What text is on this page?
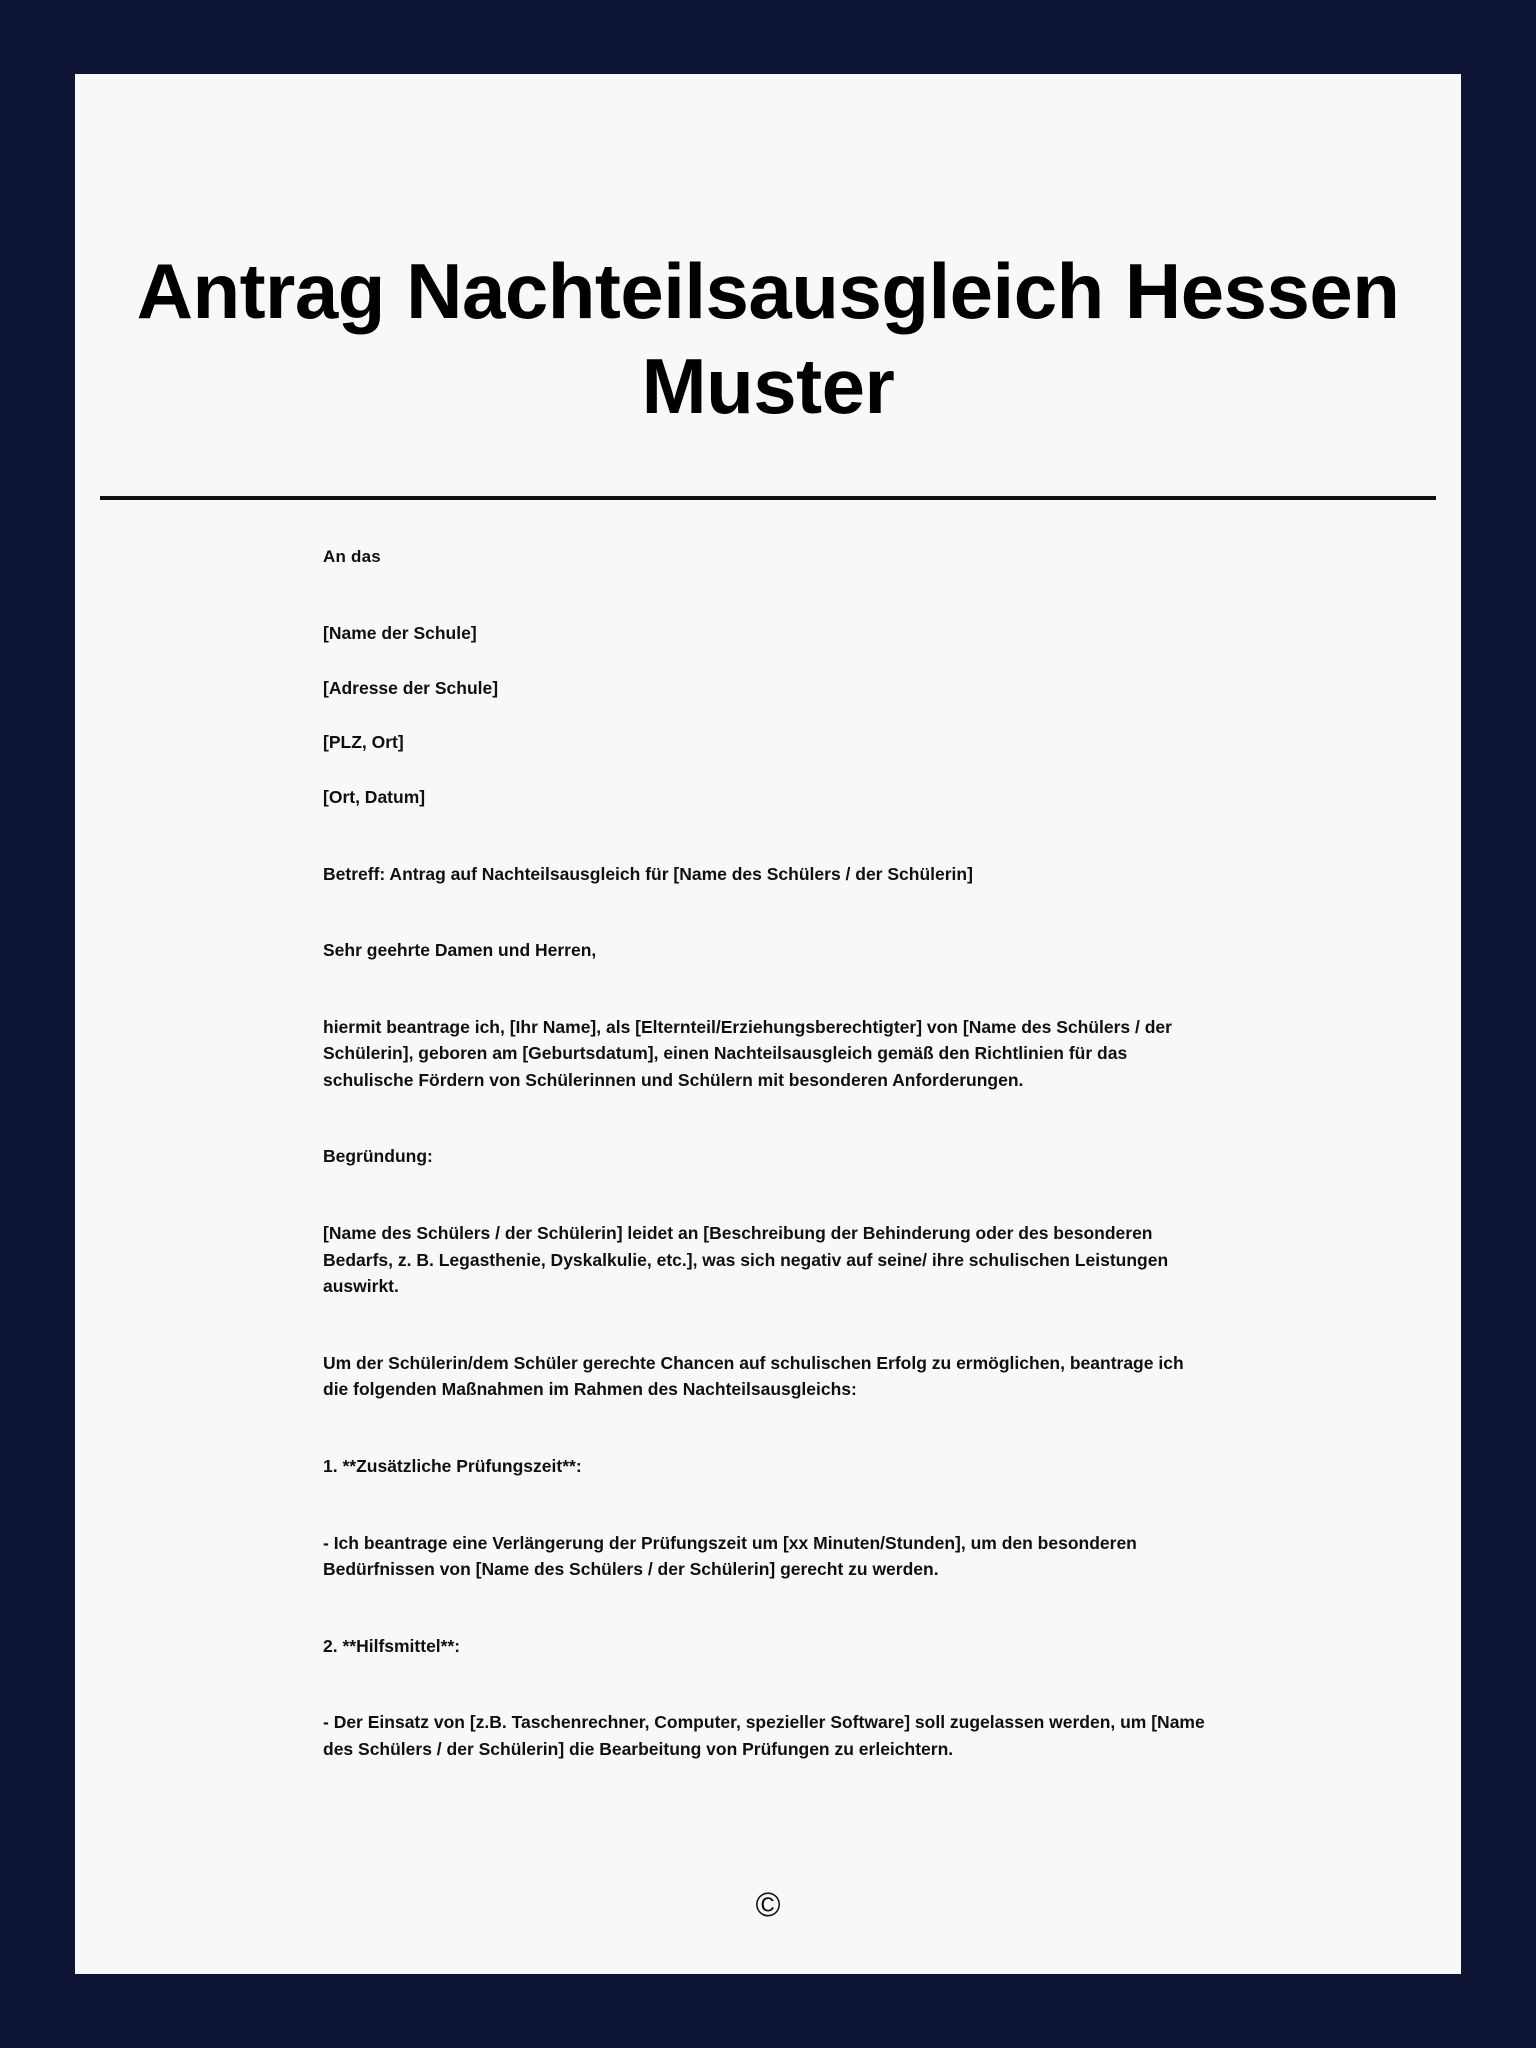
Antrag Nachteilsausgleich Hessen Muster

An das

[Name der Schule]

[Adresse der Schule]

[PLZ, Ort]

[Ort, Datum]

Betreff: Antrag auf Nachteilsausgleich für [Name des Schülers / der Schülerin]

Sehr geehrte Damen und Herren,

hiermit beantrage ich, [Ihr Name], als [Elternteil/Erziehungsberechtigter] von [Name des Schülers / der Schülerin], geboren am [Geburtsdatum], einen Nachteilsausgleich gemäß den Richtlinien für das schulische Fördern von Schülerinnen und Schülern mit besonderen Anforderungen.

Begründung:

[Name des Schülers / der Schülerin] leidet an [Beschreibung der Behinderung oder des besonderen Bedarfs, z. B. Legasthenie, Dyskalkulie, etc.], was sich negativ auf seine/ ihre schulischen Leistungen auswirkt.

Um der Schülerin/dem Schüler gerechte Chancen auf schulischen Erfolg zu ermöglichen, beantrage ich die folgenden Maßnahmen im Rahmen des Nachteilsausgleichs:

1. **Zusätzliche Prüfungszeit**:

- Ich beantrage eine Verlängerung der Prüfungszeit um [xx Minuten/Stunden], um den besonderen Bedürfnissen von [Name des Schülers / der Schülerin] gerecht zu werden.

2. **Hilfsmittel**:

- Der Einsatz von [z.B. Taschenrechner, Computer, spezieller Software] soll zugelassen werden, um [Name des Schülers / der Schülerin] die Bearbeitung von Prüfungen zu erleichtern.

©
